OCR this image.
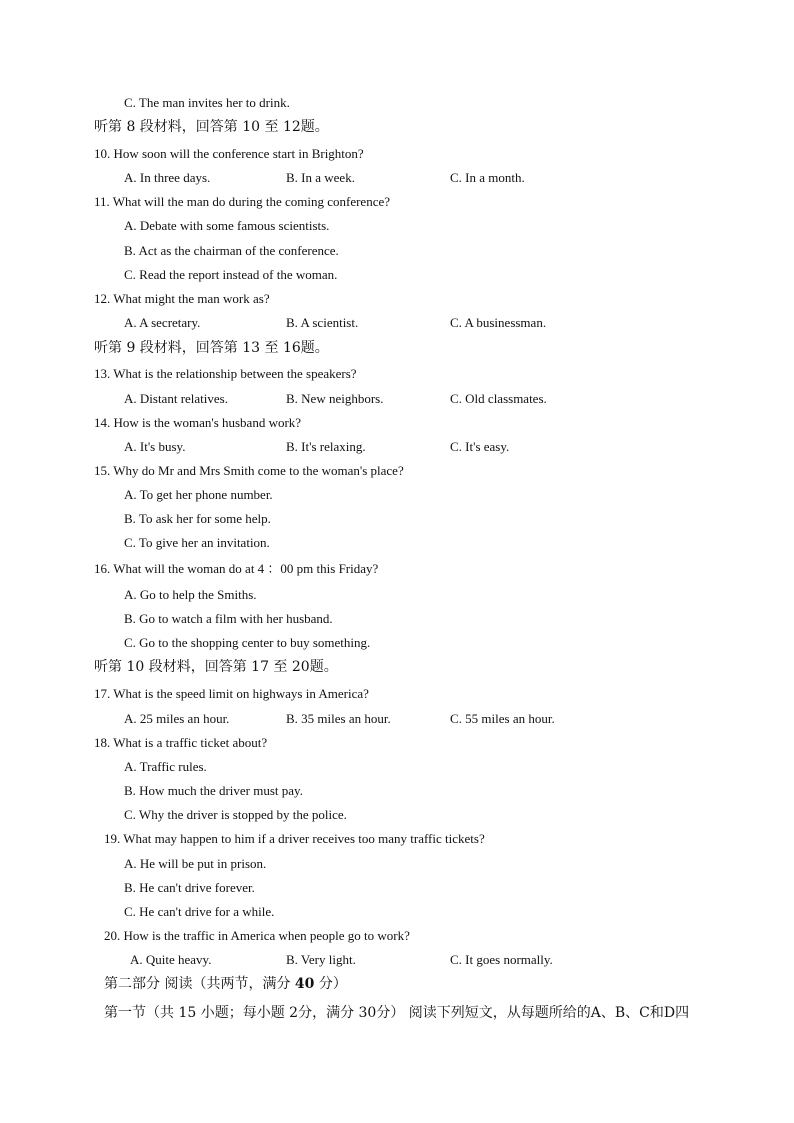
C. The man invites her to drink.
听第 8 段材料，回答第 10 至 12题。
10. How soon will the conference start in Brighton?
A. In three days.	B. In a week.	C. In a month.
11. What will the man do during the coming conference?
A. Debate with some famous scientists.
B. Act as the chairman of the conference.
C. Read the report instead of the woman.
12. What might the man work as?
A. A secretary.	B. A scientist.	C. A businessman.
听第 9 段材料，回答第 13 至 16题。
13. What is the relationship between the speakers?
A. Distant relatives.	B. New neighbors.	C. Old classmates.
14. How is the woman's husband work?
A. It's busy.	B. It's relaxing.	C. It's easy.
15. Why do Mr and Mrs Smith come to the woman's place?
A. To get her phone number.
B. To ask her for some help.
C. To give her an invitation.
16. What will the woman do at 4 ：00 pm this Friday?
A. Go to help the Smiths.
B. Go to watch a film with her husband.
C. Go to the shopping center to buy something.
听第 10 段材料，回答第 17 至 20题。
17. What is the speed limit on highways in America?
A. 25 miles an hour.	B. 35 miles an hour.	C. 55 miles an hour.
18. What is a traffic ticket about?
A. Traffic rules.
B. How much the driver must pay.
C. Why the driver is stopped by the police.
19. What may happen to him if a driver receives too many traffic tickets?
A. He will be put in prison.
B. He can't drive forever.
C. He can't drive for a while.
20. How is the traffic in America when people go to work?
A. Quite heavy.	B. Very light.	C. It goes normally.
第二部分 阅读（共两节，满分 40 分）
第一节（共 15 小题；每小题 2分，满分 30分） 阅读下列短文，从每题所给的A、B、C和D四
